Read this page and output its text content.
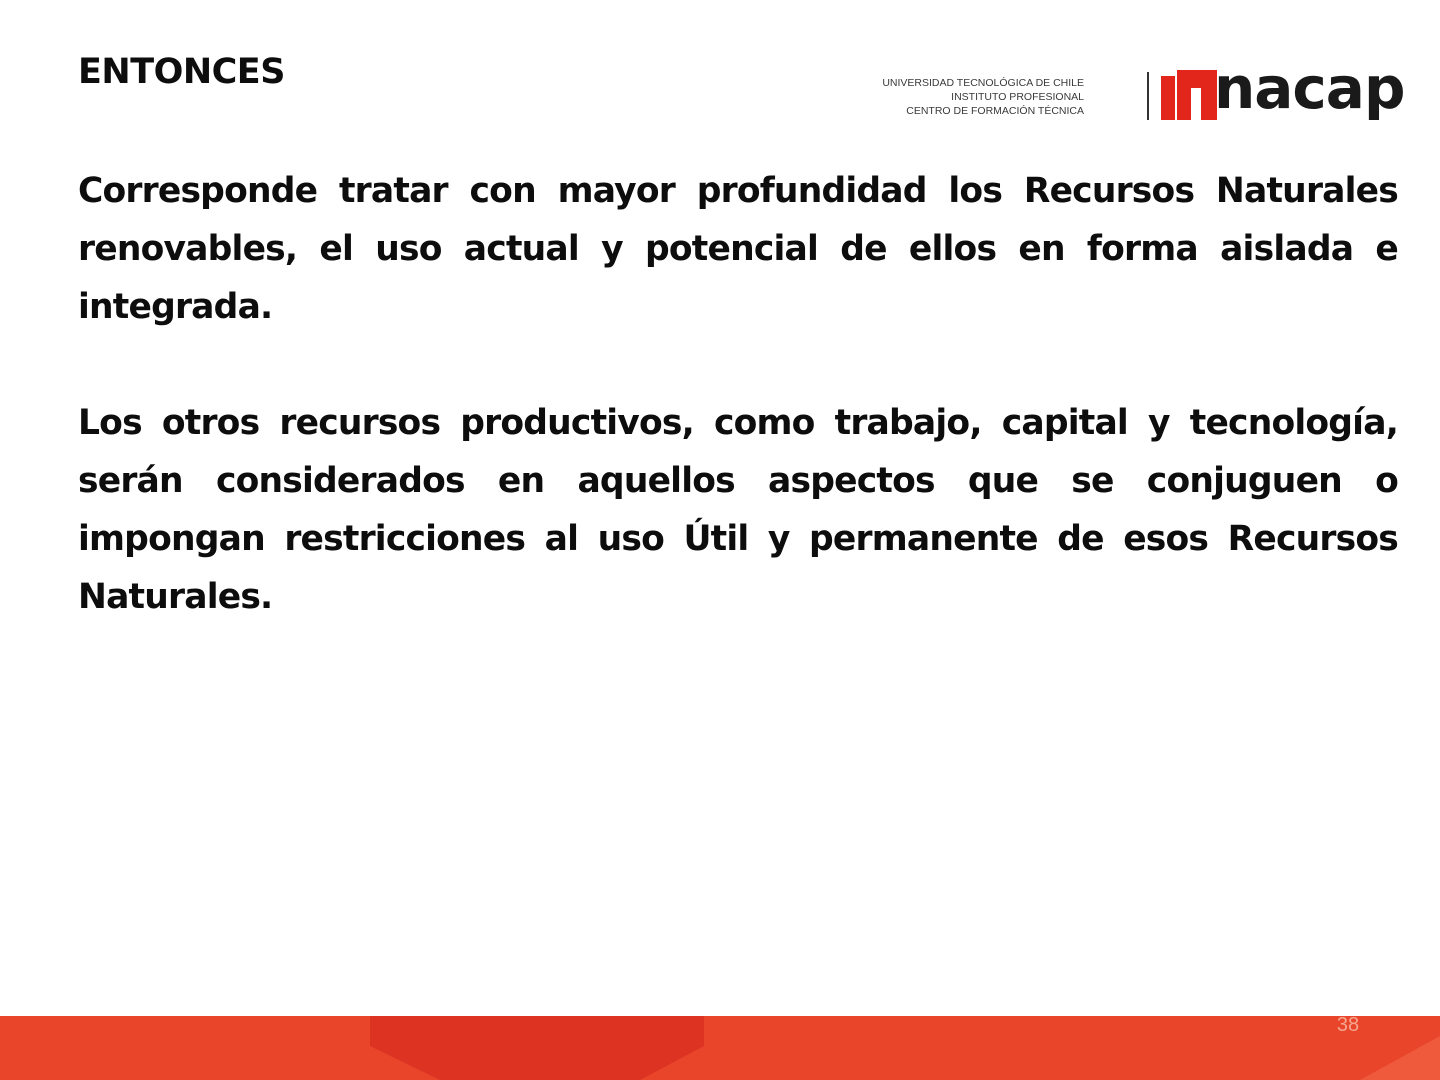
ENTONCES	UNIVERSIDAD TECNOLÓGICA DE CHILE
INSTITUTO PROFESIONAL
CENTRO DE FORMACIÓN TÉCNICA nacap

Corresponde tratar con mayor profundidad los Recursos Naturales renovables, el uso actual y potencial de ellos en forma aislada e integrada.

Los otros recursos productivos, como trabajo, capital y tecnología, serán considerados en aquellos aspectos que se conjuguen o impongan restricciones al uso Útil y permanente de esos Recursos Naturales.

38
